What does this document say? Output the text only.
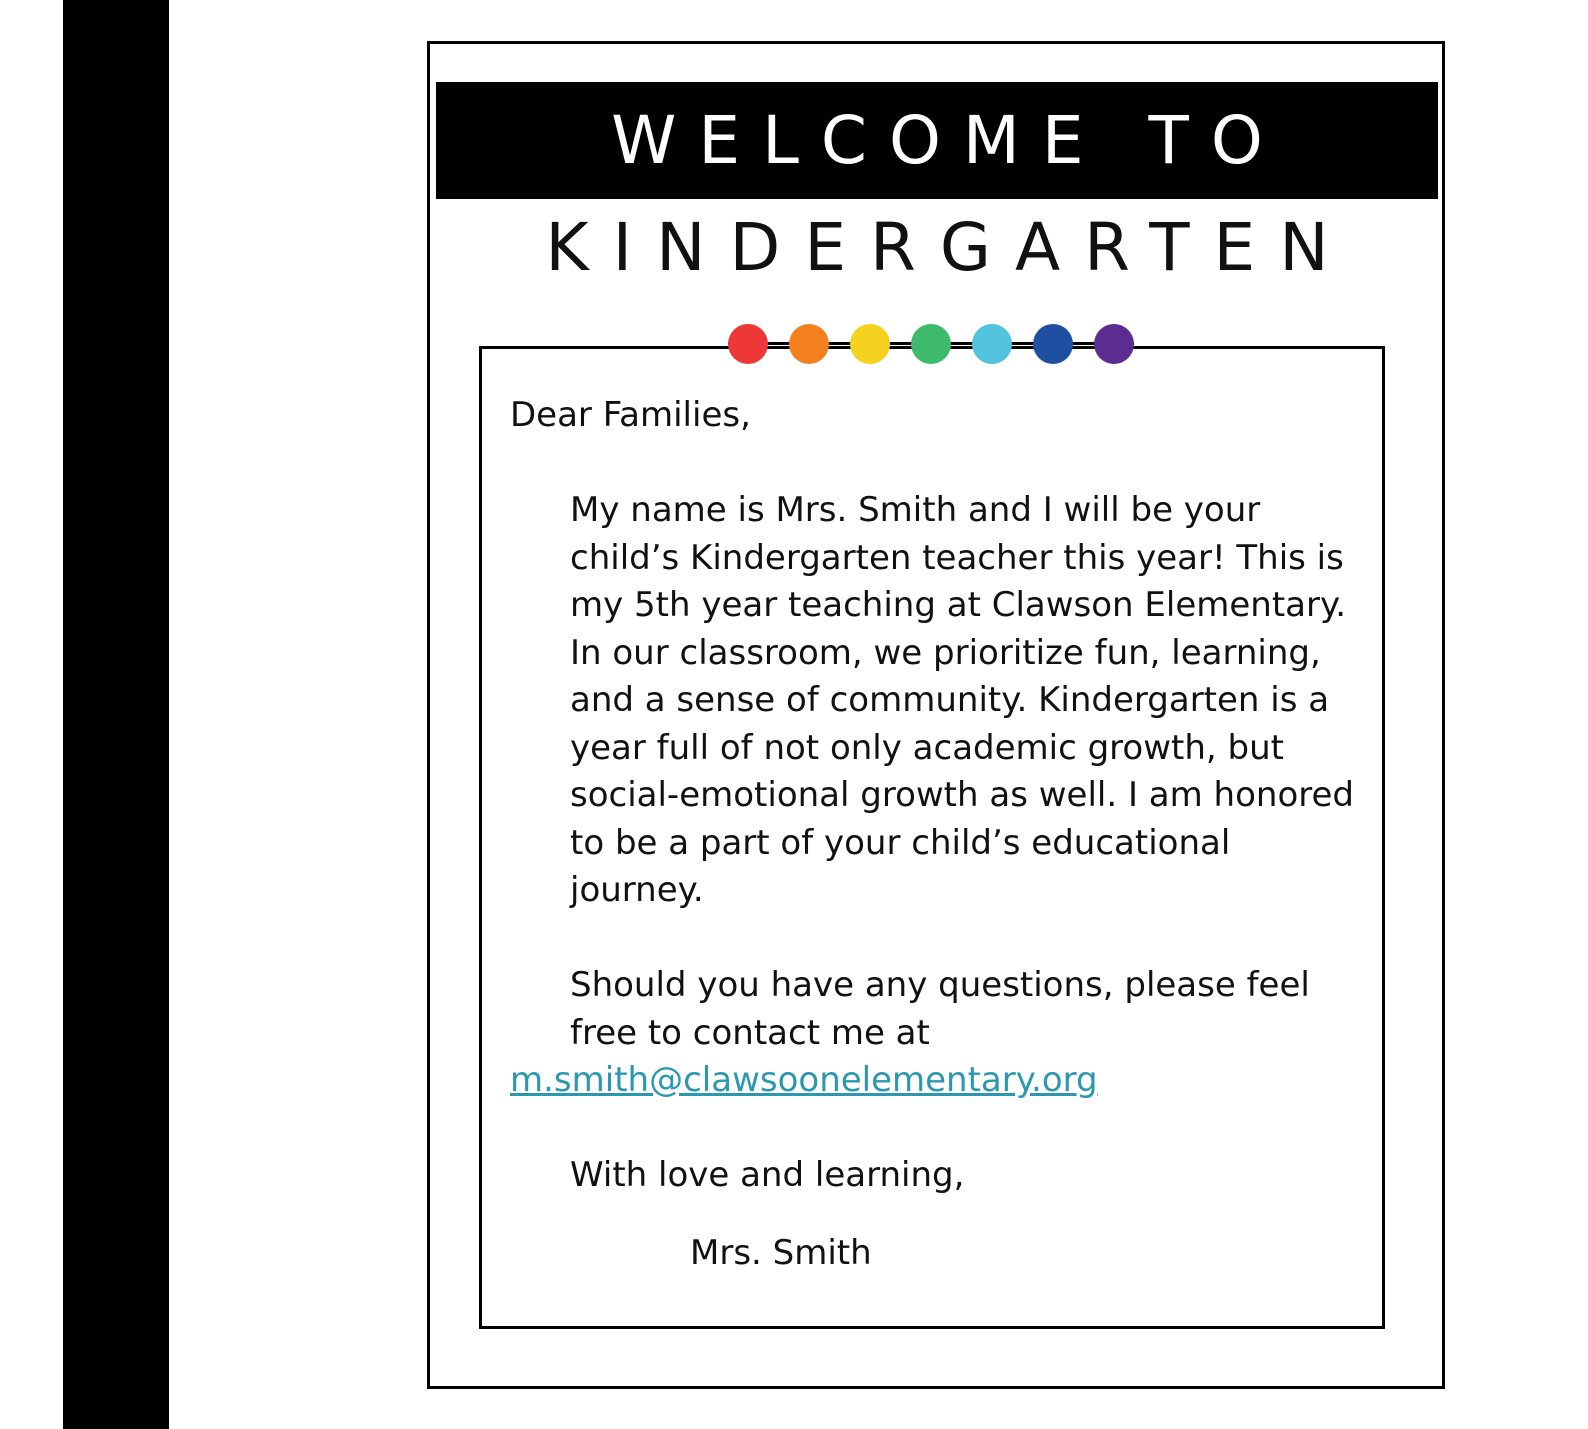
WELCOME TO
KINDERGARTEN

Dear Families,

My name is Mrs. Smith and I will be your child’s Kindergarten teacher this year! This is my 5th year teaching at Clawson Elementary. In our classroom, we prioritize fun, learning, and a sense of community. Kindergarten is a year full of not only academic growth, but social-emotional growth as well. I am honored to be a part of your child’s educational journey.

Should you have any questions, please feel free to contact me at

m.smith@clawsoonelementary.org

With love and learning,

Mrs. Smith
